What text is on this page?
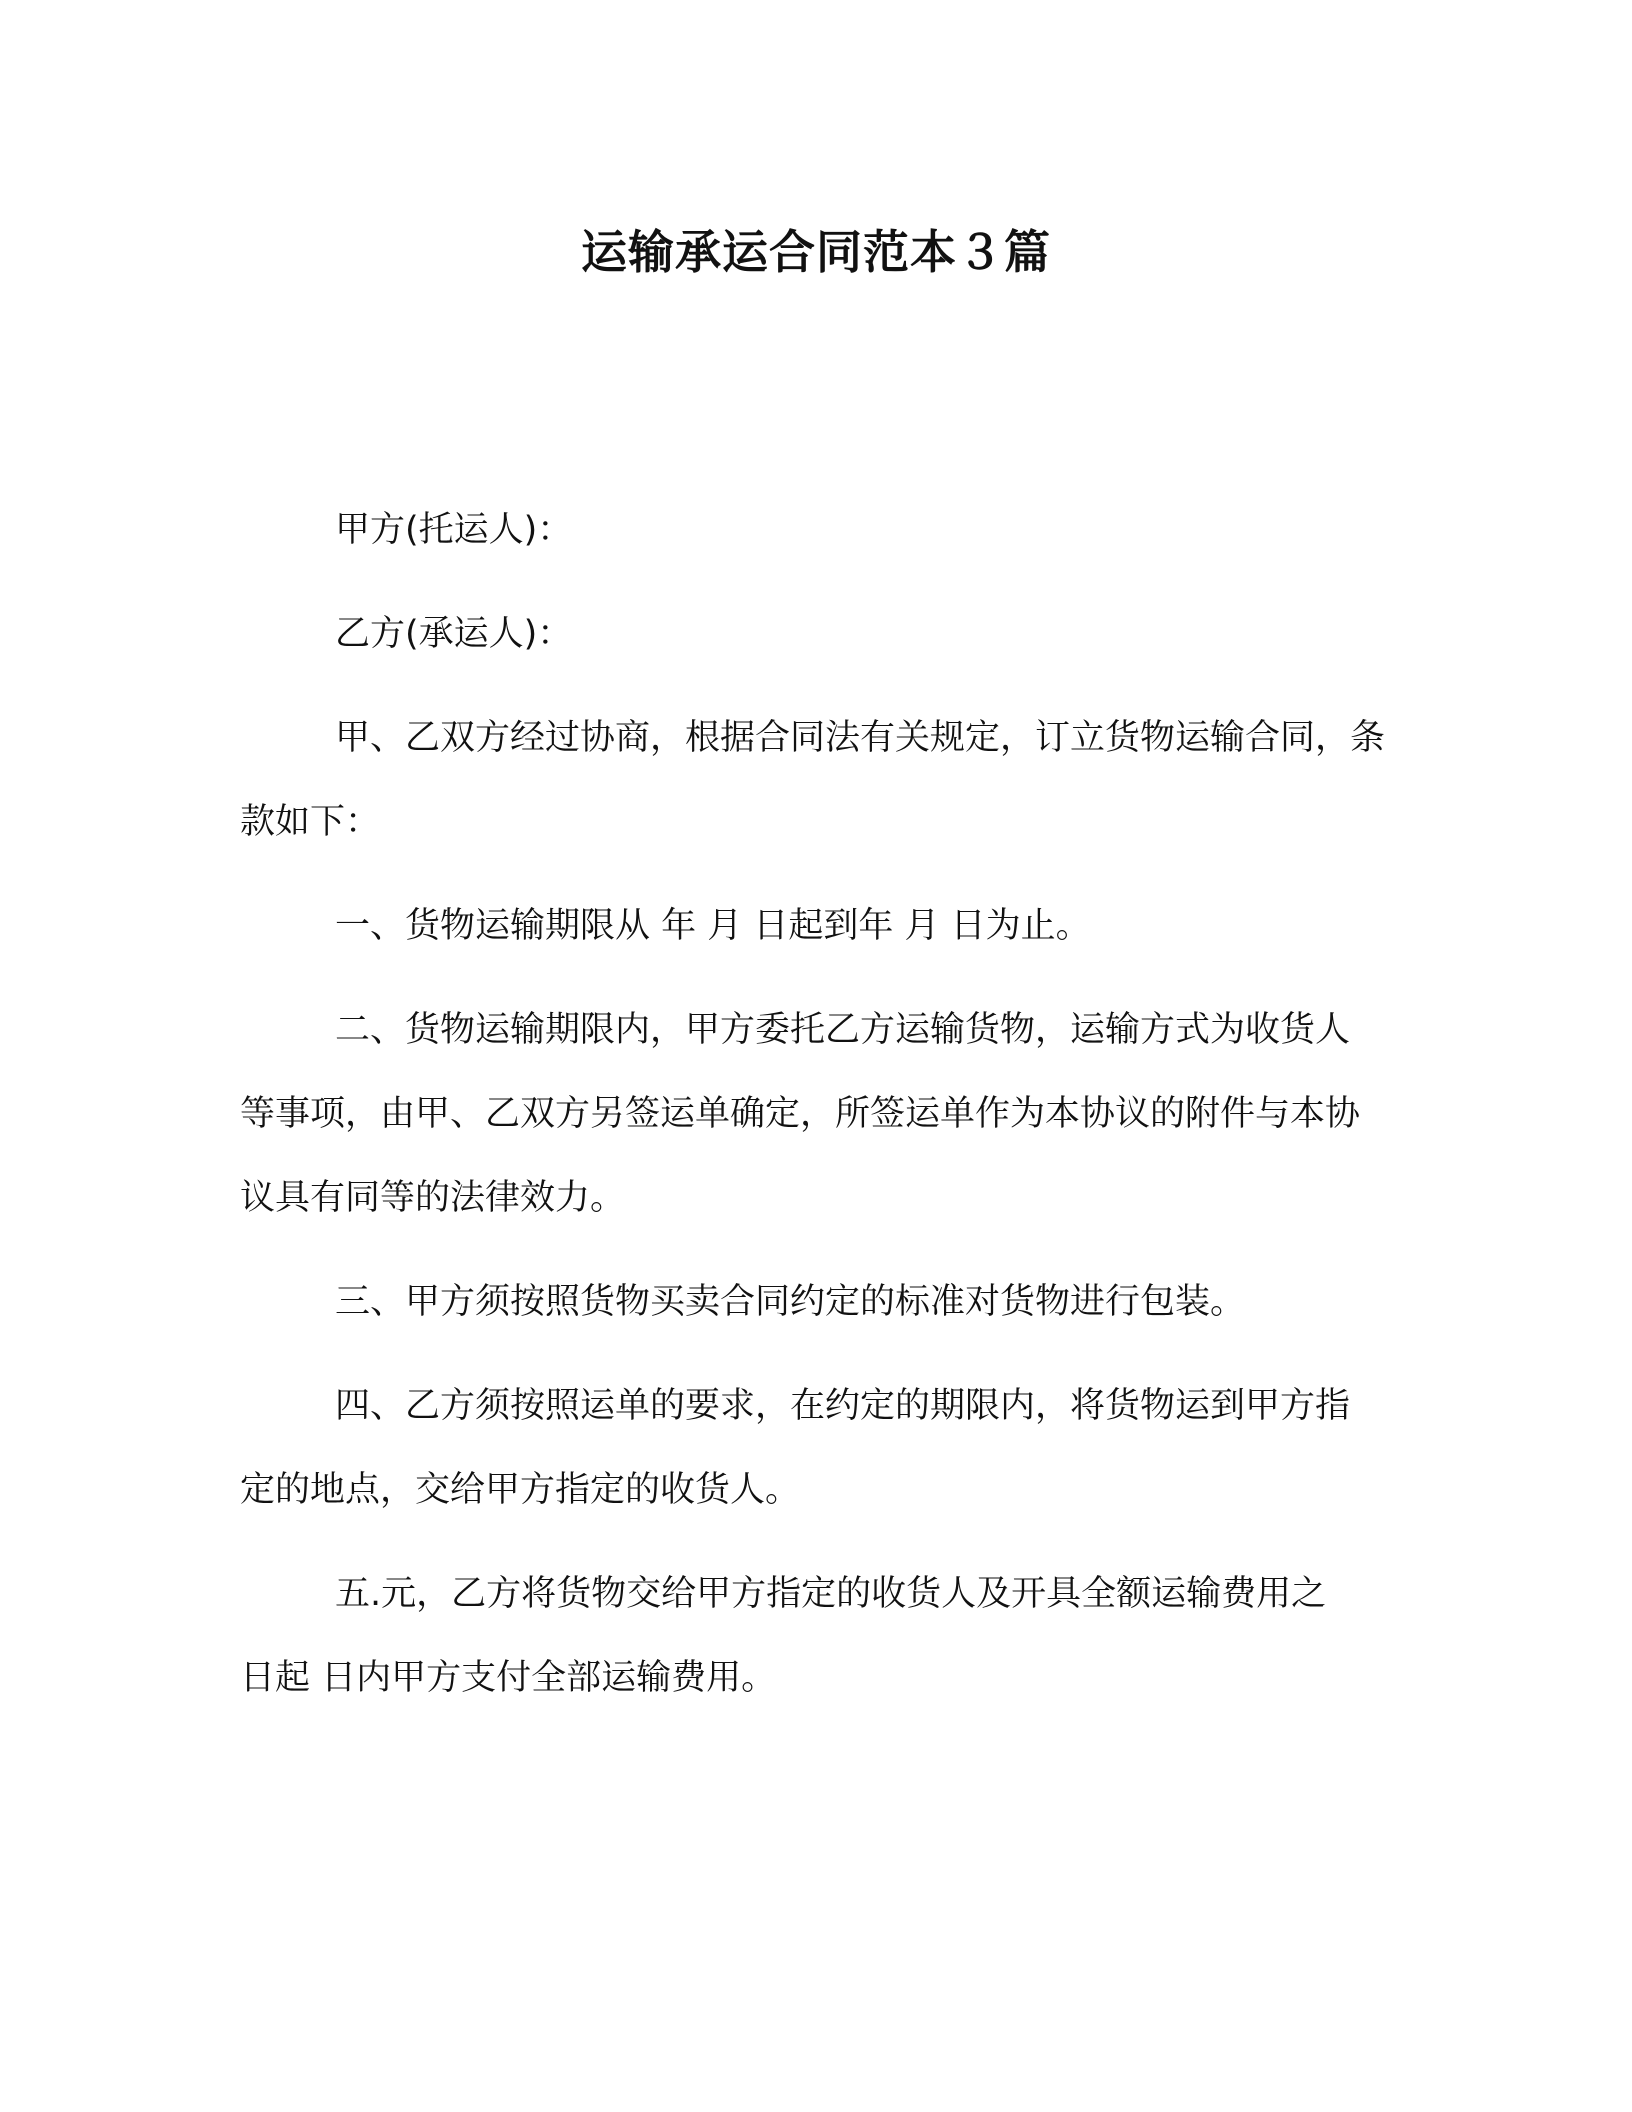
运输承运合同范本３篇

甲方(托运人)：

乙方(承运人)：

甲、乙双方经过协商，根据合同法有关规定，订立货物运输合同，条款如下：

一、货物运输期限从 年 月 日起到年 月 日为止。

二、货物运输期限内，甲方委托乙方运输货物，运输方式为收货人等事项，由甲、乙双方另签运单确定，所签运单作为本协议的附件与本协议具有同等的法律效力。

三、甲方须按照货物买卖合同约定的标准对货物进行包装。

四、乙方须按照运单的要求，在约定的期限内，将货物运到甲方指定的地点，交给甲方指定的收货人。

五.元，乙方将货物交给甲方指定的收货人及开具全额运输费用之日起 日内甲方支付全部运输费用。
